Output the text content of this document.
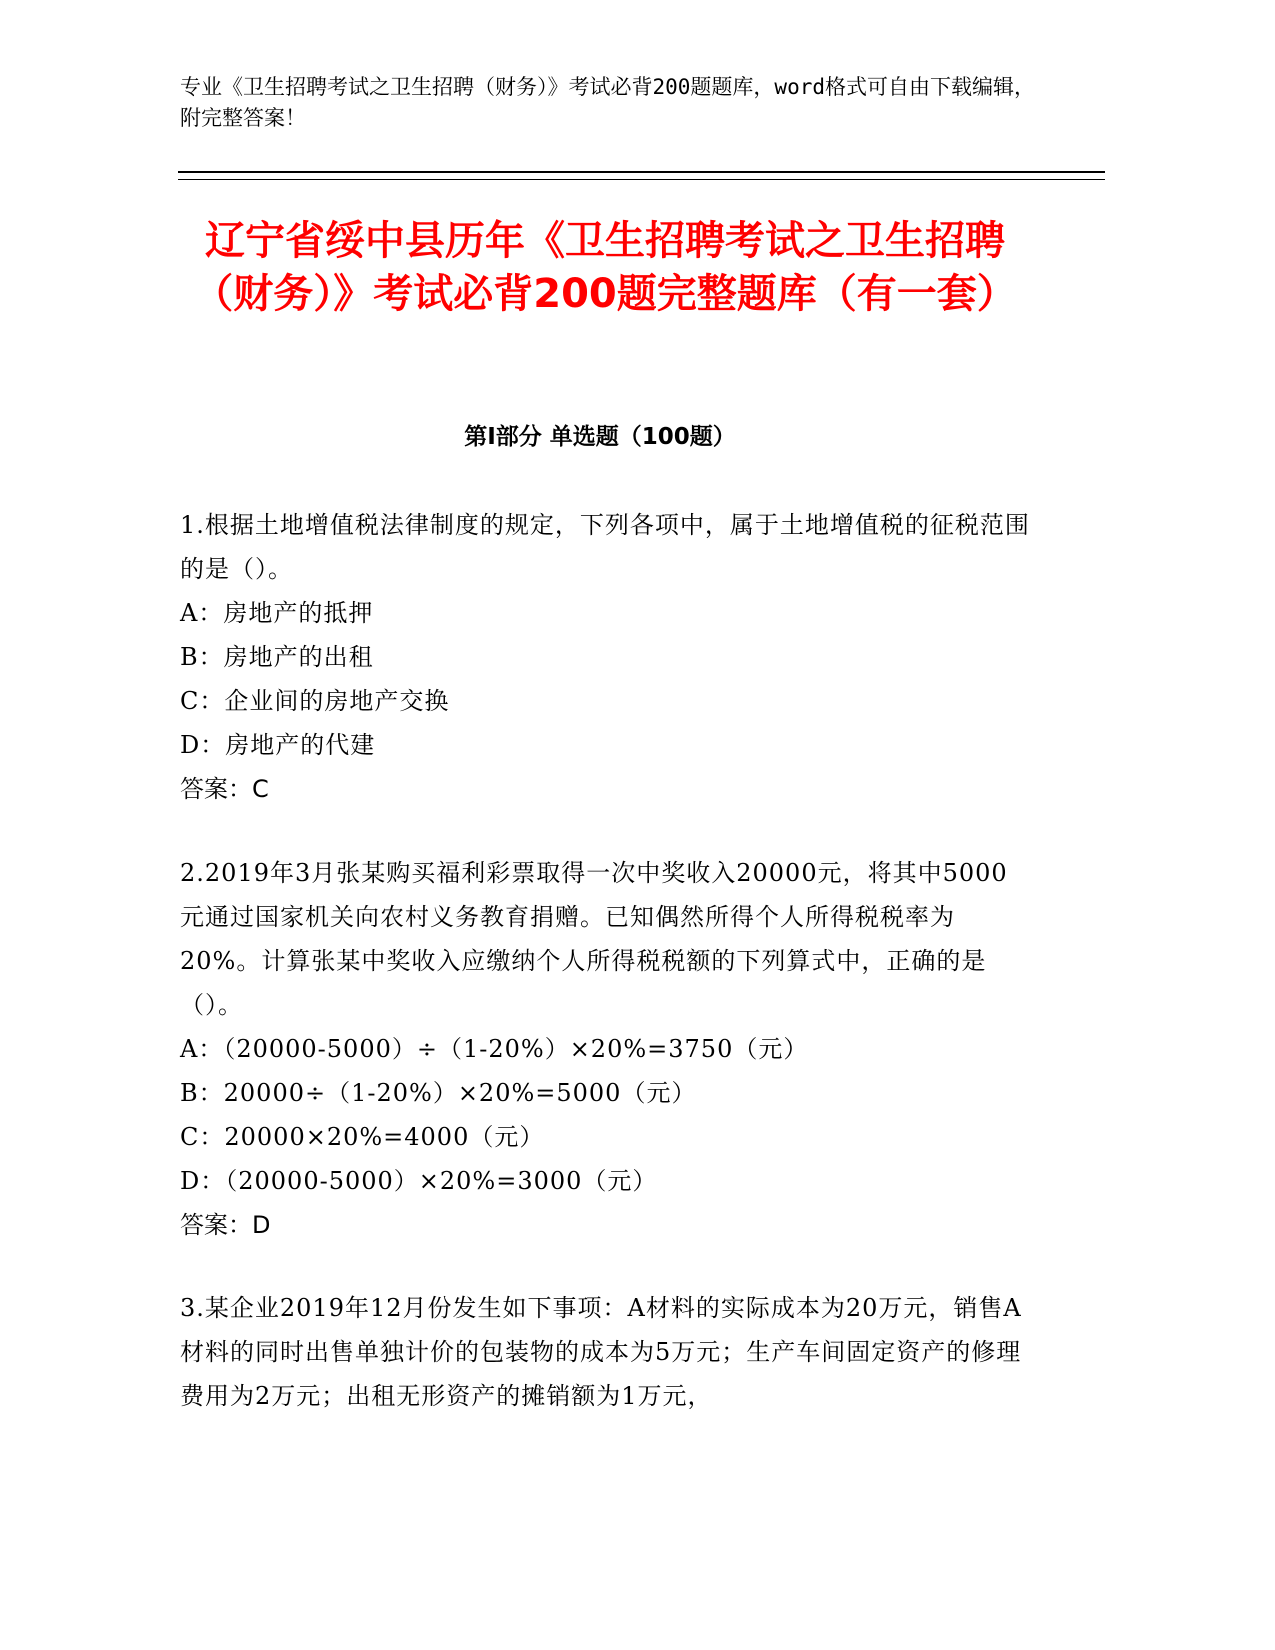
专业《卫生招聘考试之卫生招聘（财务）》考试必背200题题库，word格式可自由下载编辑，附完整答案！

辽宁省绥中县历年《卫生招聘考试之卫生招聘（财务）》考试必背200题完整题库（有一套）
第I部分 单选题（100题）

1.根据土地增值税法律制度的规定，下列各项中，属于土地增值税的征税范围的是（）。

A：房地产的抵押

B：房地产的出租

C：企业间的房地产交换

D：房地产的代建

答案：C

2.2019年3月张某购买福利彩票取得一次中奖收入20000元，将其中5000元通过国家机关向农村义务教育捐赠。已知偶然所得个人所得税税率为20%。计算张某中奖收入应缴纳个人所得税税额的下列算式中，正确的是（）。

A：（20000-5000）÷（1-20%）×20%=3750（元）

B：20000÷（1-20%）×20%=5000（元）

C：20000×20%=4000（元）

D：（20000-5000）×20%=3000（元）

答案：D

3.某企业2019年12月份发生如下事项：A材料的实际成本为20万元，销售A材料的同时出售单独计价的包装物的成本为5万元；生产车间固定资产的修理费用为2万元；出租无形资产的摊销额为1万元，
